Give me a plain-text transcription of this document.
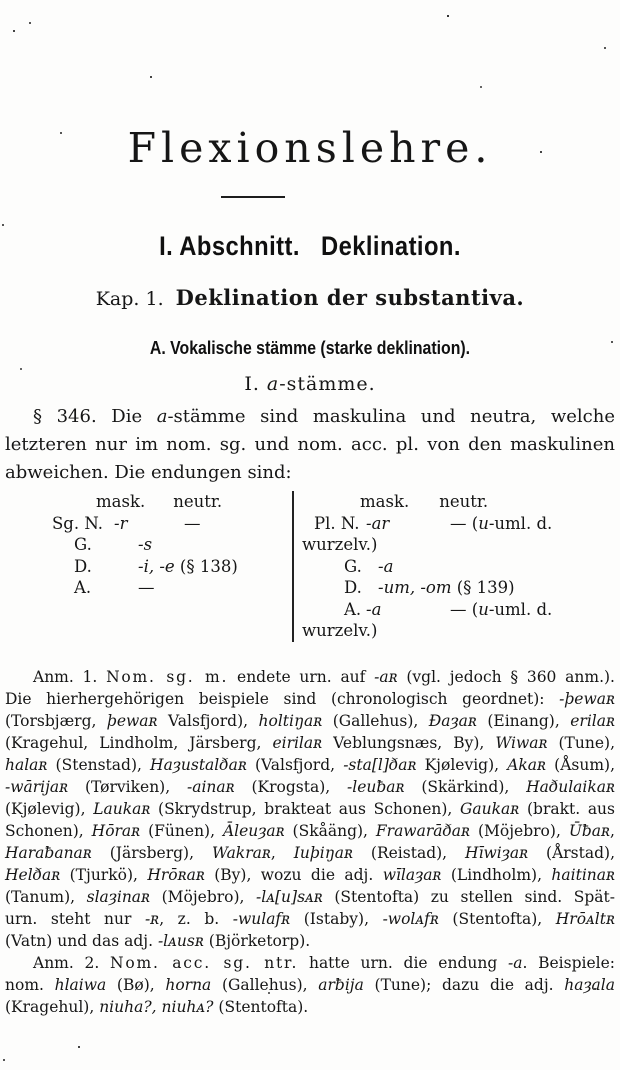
Flexionslehre.
I. Abschnitt. Deklination.
Kap. 1. Deklination der substantiva.
A. Vokalische stämme (starke deklination).
I. a-stämme.
§ 346. Die a-stämme sind maskulina und neutra, welche
letzteren nur im nom. sg. und nom. acc. pl. von den maskulinen
abweichen. Die endungen sind:
mask. neutr.
Sg. N. -r	—
G.	-s
D.	-i, -e (§ 138)
A.	—
mask. neutr.
Pl. N. -ar	— (u-uml. d. wurzelv.)
G. -a
D. -um, -om (§ 139)
A. -a	— (u-uml. d. wurzelv.)
Anm. 1. Nom. sg. m. endete urn. auf -aʀ (vgl. jedoch § 360 anm.).
Die hierhergehörigen beispiele sind (chronologisch geordnet): -þewaʀ
(Torsbjærg, þewaʀ Valsfjord), holtiŋaʀ (Gallehus), Ðaȝaʀ (Einang), erilaʀ
(Kragehul, Lindholm, Järsberg, eirilaʀ Veblungsnæs, By), Wiwaʀ (Tune),
halaʀ (Stenstad), Haȝustalðaʀ (Valsfjord, -sta[l]ðaʀ Kjølevig), Akaʀ (Åsum),
-wārijaʀ (Tørviken), -ainaʀ (Krogsta), -leuƀaʀ (Skärkind), Haðulaikaʀ
(Kjølevig), Laukaʀ (Skrydstrup, brakteat aus Schonen), Gaukaʀ (brakt. aus
Schonen), Hōraʀ (Fünen), Āleuȝaʀ (Skåäng), Frawarāðaʀ (Möjebro), Ūƀaʀ,
Haraƀanaʀ (Järsberg), Wakraʀ, Iuþiŋaʀ (Reistad), Hīwiȝaʀ (Årstad),
Helðaʀ (Tjurkö), Hrōʀaʀ (By), wozu die adj. wīlaȝaʀ (Lindholm), haitinaʀ
(Tanum), slaȝinaʀ (Möjebro), -lᴀ[u]sᴀʀ (Stentofta) zu stellen sind. Spät-
urn. steht nur -ʀ, z. b. -wulafʀ (Istaby), -wolᴀfʀ (Stentofta), Hrōᴀltʀ
(Vatn) und das adj. -lᴀusʀ (Björketorp).
Anm. 2. Nom. acc. sg. ntr. hatte urn. die endung -a. Beispiele:
nom. hlaiwa (Bø), horna (Gallehus), arƀija (Tune); dazu die adj. haȝala
(Kragehul), niuha?, niuhᴀ? (Stentofta).
